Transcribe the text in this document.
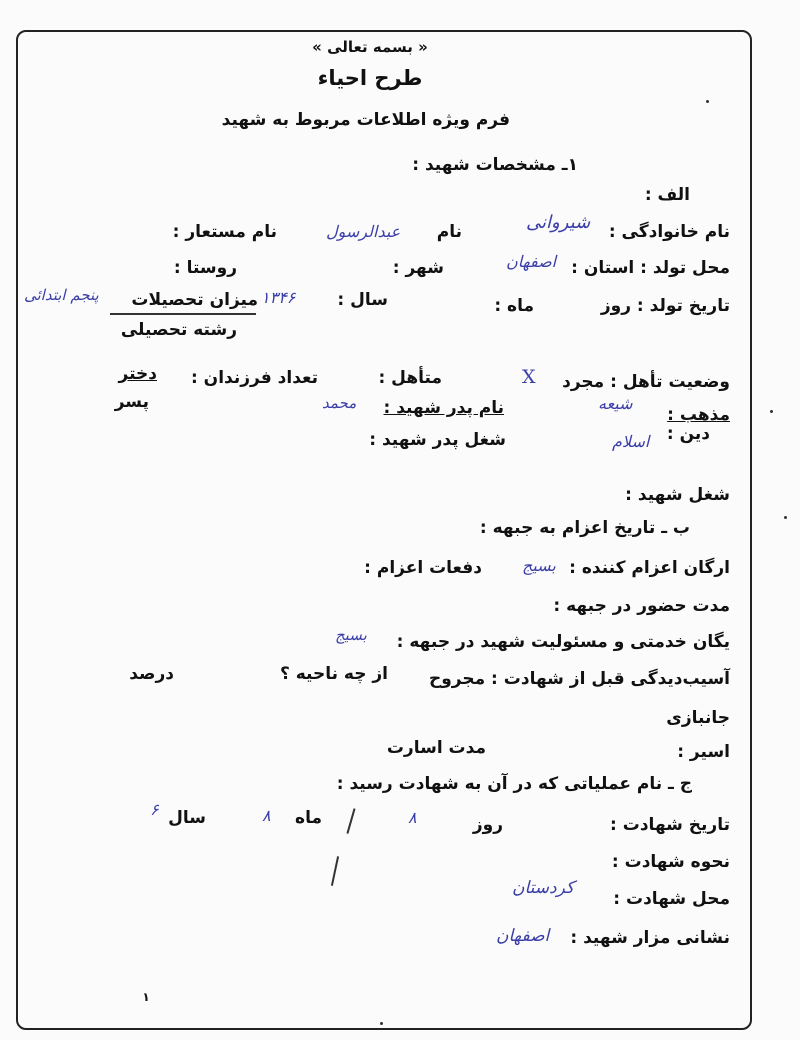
« بسمه تعالی »
طرح احیاء
فرم ویژه اطلاعات مربوط به شهید
۱ـ مشخصات شهید :
الف :
نام خانوادگی :
شیروانی
نام
عبدالرسول
نام مستعار :
محل تولد : استان :
اصفهان
شهر :
روستا :
تاریخ تولد : روز
ماه :
سال :
۱۳۴۶
میزان تحصیلات
پنجم ابتدائی
رشته تحصیلی
وضعیت تأهل : مجرد
X
متأهل :
تعداد فرزندان :
دختر
پسر
مذهب :
شیعه
نام پدر شهید :
محمد
دین :
اسلام
شغل پدر شهید :
شغل شهید :
ب ـ تاریخ اعزام به جبهه :
ارگان اعزام کننده :
بسیج
دفعات اعزام :
مدت حضور در جبهه :
یگان خدمتی و مسئولیت شهید در جبهه :
بسیج
آسیب‌دیدگی قبل از شهادت : مجروح
از چه ناحیه ؟
درصد
جانبازی
اسیر :
مدت اسارت
ج ـ نام عملیاتی که در آن به شهادت رسید :
تاریخ شهادت :
روز
۸
ماه
۸
سال
۶
نحوه شهادت :
محل شهادت :
کردستان
نشانی مزار شهید :
اصفهان
۱
